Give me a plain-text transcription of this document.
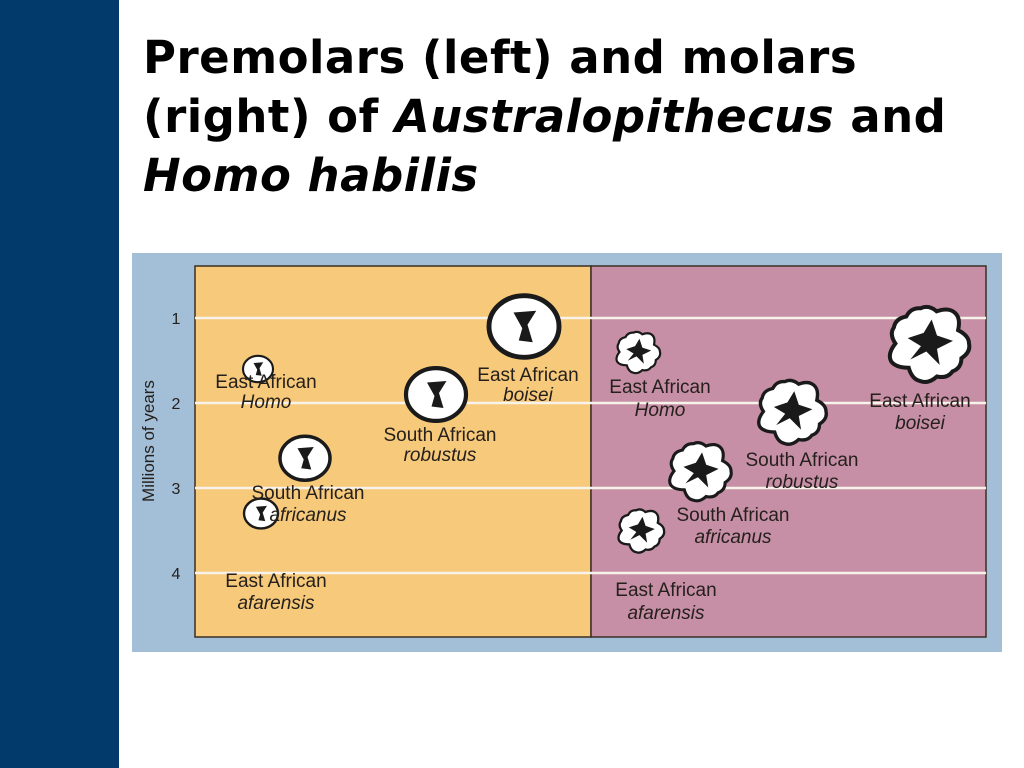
Premolars (left) and molars (right) of Australopithecus and Homo habilis
1
2
3
4
Millions of years	East African
Homo
South African
robustus
East African
boisei
South African
africanus
East African
afarensis
East African
Homo	East African
boisei
South African
robustus
South African
africanus
East African
afarensis
